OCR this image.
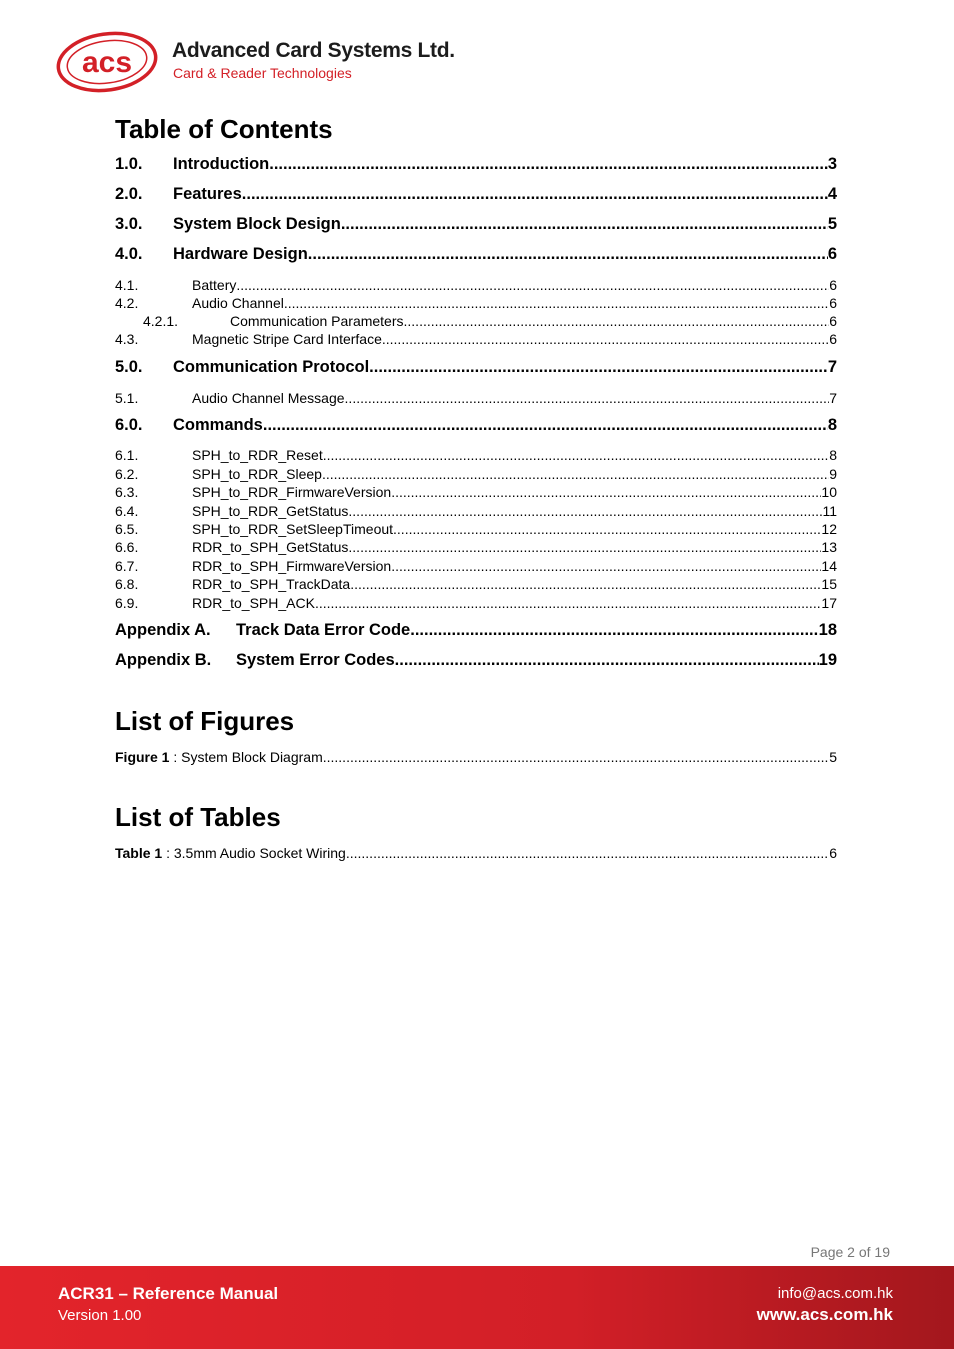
acs Advanced Card Systems Ltd.
Card & Reader Technologies
Table of Contents
1.0.	Introduction .....	3
2.0.	Features .....	4
3.0.	System Block Design .....	5
4.0.	Hardware Design .....	6
4.1.	Battery .....	6
4.2.	Audio Channel .....	6
4.2.1.	Communication Parameters .....	6
4.3.	Magnetic Stripe Card Interface .....	6
5.0.	Communication Protocol .....	7
5.1.	Audio Channel Message .....	7
6.0.	Commands .....	8
6.1.	SPH_to_RDR_Reset .....	8
6.2.	SPH_to_RDR_Sleep .....	9
6.3.	SPH_to_RDR_FirmwareVersion .....	10
6.4.	SPH_to_RDR_GetStatus .....	11
6.5.	SPH_to_RDR_SetSleepTimeout .....	12
6.6.	RDR_to_SPH_GetStatus .....	13
6.7.	RDR_to_SPH_FirmwareVersion .....	14
6.8.	RDR_to_SPH_TrackData .....	15
6.9.	RDR_to_SPH_ACK .....	17
Appendix A.	Track Data Error Code .....	18
Appendix B.	System Error Codes .....	19
List of Figures
Figure 1 : System Block Diagram .....	5
List of Tables
Table 1 : 3.5mm Audio Socket Wiring .....	6
Page 2 of 19
ACR31 – Reference Manual
Version 1.00
info@acs.com.hk
www.acs.com.hk
